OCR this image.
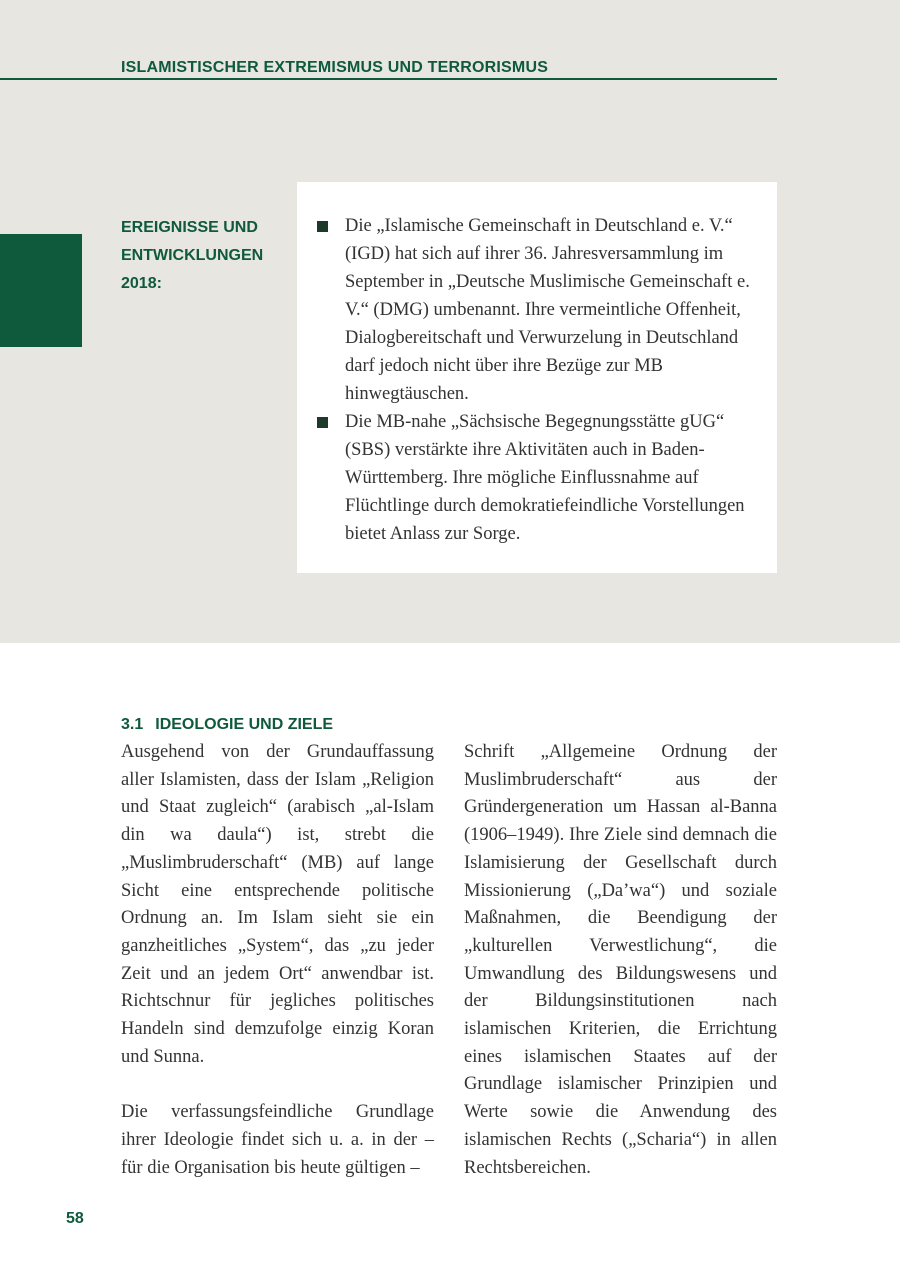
ISLAMISTISCHER EXTREMISMUS UND TERRORISMUS
EREIGNISSE UND
ENTWICKLUNGEN
2018:
Die „Islamische Gemeinschaft in Deutschland e. V.“ (IGD) hat sich auf ihrer 36. Jahresversammlung im September in „Deutsche Muslimische Gemeinschaft e. V.“ (DMG) umbenannt. Ihre vermeintliche Offenheit, Dialogbereitschaft und Verwurzelung in Deutschland darf jedoch nicht über ihre Bezüge zur MB hinwegtäuschen.
Die MB-nahe „Sächsische Begegnungsstätte gUG“ (SBS) verstärkte ihre Aktivitäten auch in Baden-Württemberg. Ihre mögliche Einflussnahme auf Flüchtlinge durch demokratiefeindliche Vorstellungen bietet Anlass zur Sorge.
3.1 IDEOLOGIE UND ZIELE

Ausgehend von der Grundauffassung aller Islamisten, dass der Islam „Religion und Staat zugleich“ (arabisch „al-Islam din wa daula“) ist, strebt die „Muslimbruderschaft“ (MB) auf lange Sicht eine entsprechende politische Ordnung an. Im Islam sieht sie ein ganzheitliches „System“, das „zu jeder Zeit und an jedem Ort“ anwendbar ist. Richtschnur für jegliches politisches Handeln sind demzufolge einzig Koran und Sunna.

Die verfassungsfeindliche Grundlage ihrer Ideologie findet sich u. a. in der – für die Organisation bis heute gültigen –

Schrift „Allgemeine Ordnung der Muslimbruderschaft“ aus der Gründergeneration um Hassan al-Banna (1906–1949). Ihre Ziele sind demnach die Islamisierung der Gesellschaft durch Missionierung („Da’wa“) und soziale Maßnahmen, die Beendigung der „kulturellen Verwestlichung“, die Umwandlung des Bildungswesens und der Bildungsinstitutionen nach islamischen Kriterien, die Errichtung eines islamischen Staates auf der Grundlage islamischer Prinzipien und Werte sowie die Anwendung des islamischen Rechts („Scharia“) in allen Rechtsbereichen.

58
